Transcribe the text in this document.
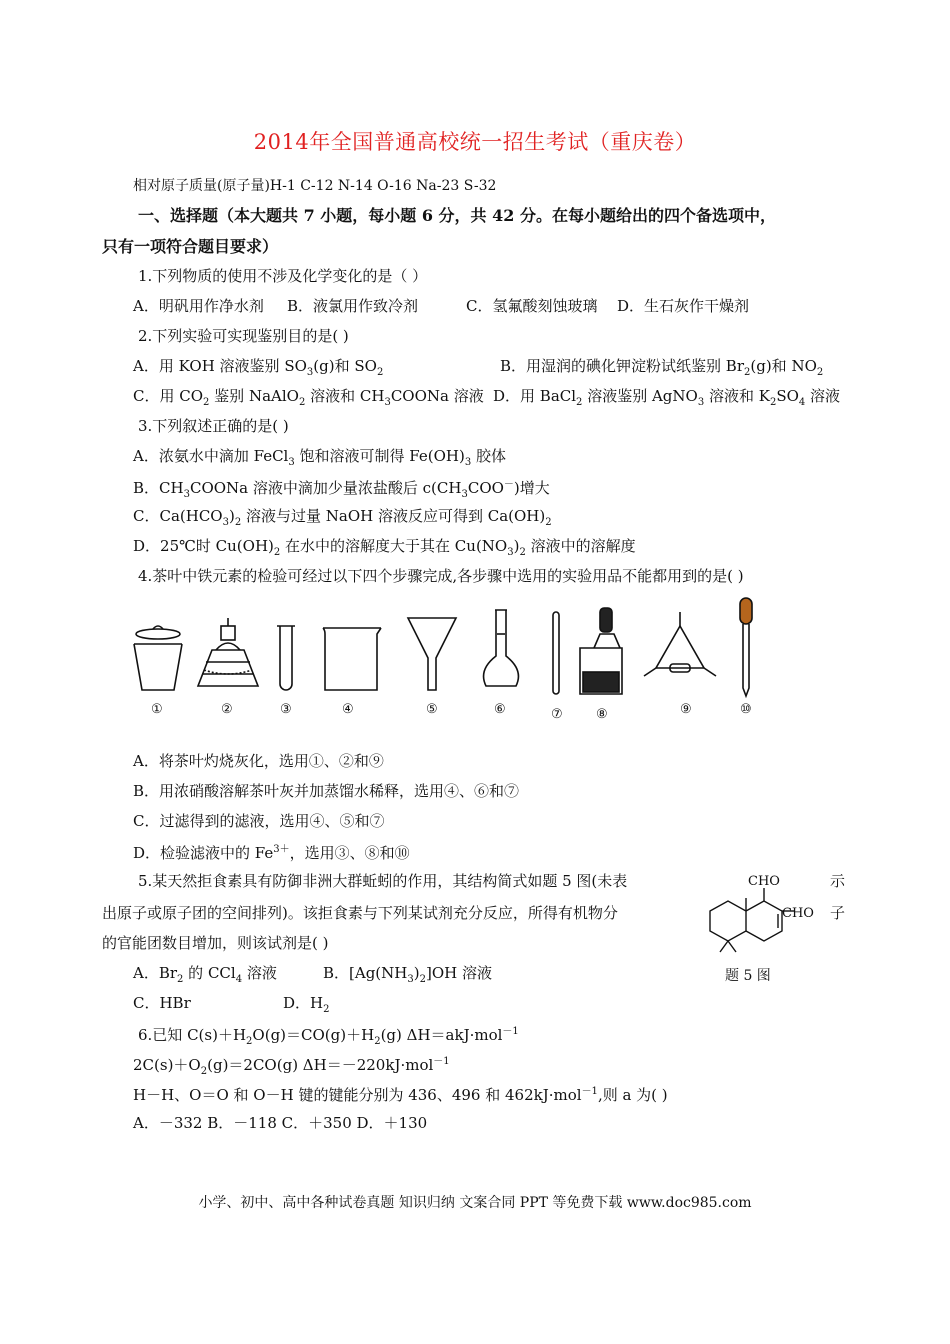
2014年全国普通高校统一招生考试（重庆卷）
相对原子质量(原子量)H-1 C-12 N-14 O-16 Na-23 S-32
一、选择题（本大题共 7 小题，每小题 6 分，共 42 分。在每小题给出的四个备选项中，
只有一项符合题目要求）
1.下列物质的使用不涉及化学变化的是（ ）
A．明矾用作净水剂 B．液氯用作致冷剂	C．氢氟酸刻蚀玻璃 D．生石灰作干燥剂
2.下列实验可实现鉴别目的是( )
A．用 KOH 溶液鉴别 $SO_3(g)$和 $SO_2$	B．用湿润的碘化钾淀粉试纸鉴别 $Br_2(g)$和 $NO_2$
C．用 $CO_2$ 鉴别 NaAlO$_2$ 溶液和 $CH_3COONa$ 溶液 D．用 BaCl$_2$ 溶液鉴别 AgNO$_3$ 溶液和 $K_2SO_4$ 溶液
3.下列叙述正确的是( )
A．浓氨水中滴加 FeCl$_3$ 饱和溶液可制得 $Fe(OH)_3$ 胶体
B．$CH_3COONa$ 溶液中滴加少量浓盐酸后 $c(CH_3COO^-)$增大
C．$Ca(HCO_3)_2$ 溶液与过量 NaOH 溶液反应可得到 $Ca(OH)_2$
D．25℃时 $Cu(OH)_2$ 在水中的溶解度大于其在 $Cu(NO_3)_2$ 溶液中的溶解度
4.茶叶中铁元素的检验可经过以下四个步骤完成,各步骤中选用的实验用品不能都用到的是( )
①	②	③	④	⑤	⑥	⑦	⑧	⑨	⑩
A．将茶叶灼烧灰化，选用①、②和⑨
B．用浓硝酸溶解茶叶灰并加蒸馏水稀释，选用④、⑥和⑦
C．过滤得到的滤液，选用④、⑤和⑦
D．检验滤液中的 $Fe^{3+}$，选用③、⑧和⑩
5.某天然拒食素具有防御非洲大群蚯蚓的作用，其结构简式如题 5 图(未表	示
出原子或原子团的空间排列)。该拒食素与下列某试剂充分反应，所得有机物分	子
的官能团数目增加，则该试剂是( )
A．$Br_2$ 的 CCl$_4$ 溶液	B．$[Ag(NH_3)_2]OH$ 溶液
C．HBr	D．$H_2$
CHO
CHO
题 5 图
6.已知 $C(s)+H_2O(g)=CO(g)+H_2(g)$ ΔH＝akJ·mol$^{-1}$
$2C(s)+O_2(g)=2CO(g)$ ΔH＝－220kJ·mol$^{-1}$
H－H、O＝O 和 O－H 键的键能分别为 436、496 和 462kJ·mol$^{-1}$,则 a 为( )
A．－332 B．－118 C．＋350 D．＋130
小学、初中、高中各种试卷真题 知识归纳 文案合同 PPT 等免费下载 www.doc985.com
